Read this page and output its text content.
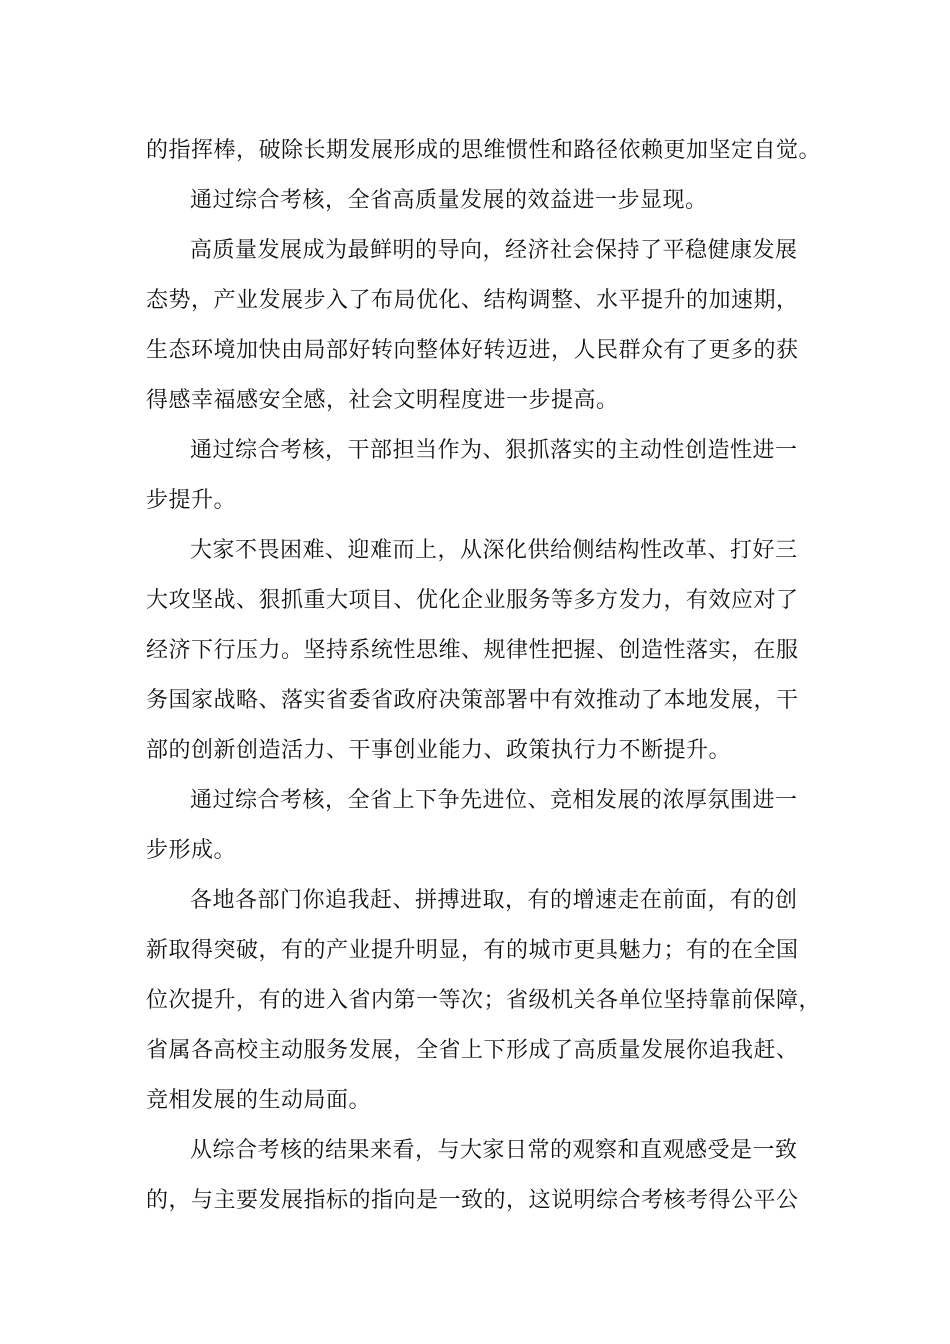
的指挥棒，破除长期发展形成的思维惯性和路径依赖更加坚定自觉。
通过综合考核，全省高质量发展的效益进一步显现。
高质量发展成为最鲜明的导向，经济社会保持了平稳健康发展
态势，产业发展步入了布局优化、结构调整、水平提升的加速期，
生态环境加快由局部好转向整体好转迈进，人民群众有了更多的获
得感幸福感安全感，社会文明程度进一步提高。
通过综合考核，干部担当作为、狠抓落实的主动性创造性进一
步提升。
大家不畏困难、迎难而上，从深化供给侧结构性改革、打好三
大攻坚战、狠抓重大项目、优化企业服务等多方发力，有效应对了
经济下行压力。坚持系统性思维、规律性把握、创造性落实，在服
务国家战略、落实省委省政府决策部署中有效推动了本地发展，干
部的创新创造活力、干事创业能力、政策执行力不断提升。
通过综合考核，全省上下争先进位、竞相发展的浓厚氛围进一
步形成。
各地各部门你追我赶、拼搏进取，有的增速走在前面，有的创
新取得突破，有的产业提升明显，有的城市更具魅力；有的在全国
位次提升，有的进入省内第一等次；省级机关各单位坚持靠前保障，
省属各高校主动服务发展，全省上下形成了高质量发展你追我赶、
竞相发展的生动局面。
从综合考核的结果来看，与大家日常的观察和直观感受是一致
的，与主要发展指标的指向是一致的，这说明综合考核考得公平公
